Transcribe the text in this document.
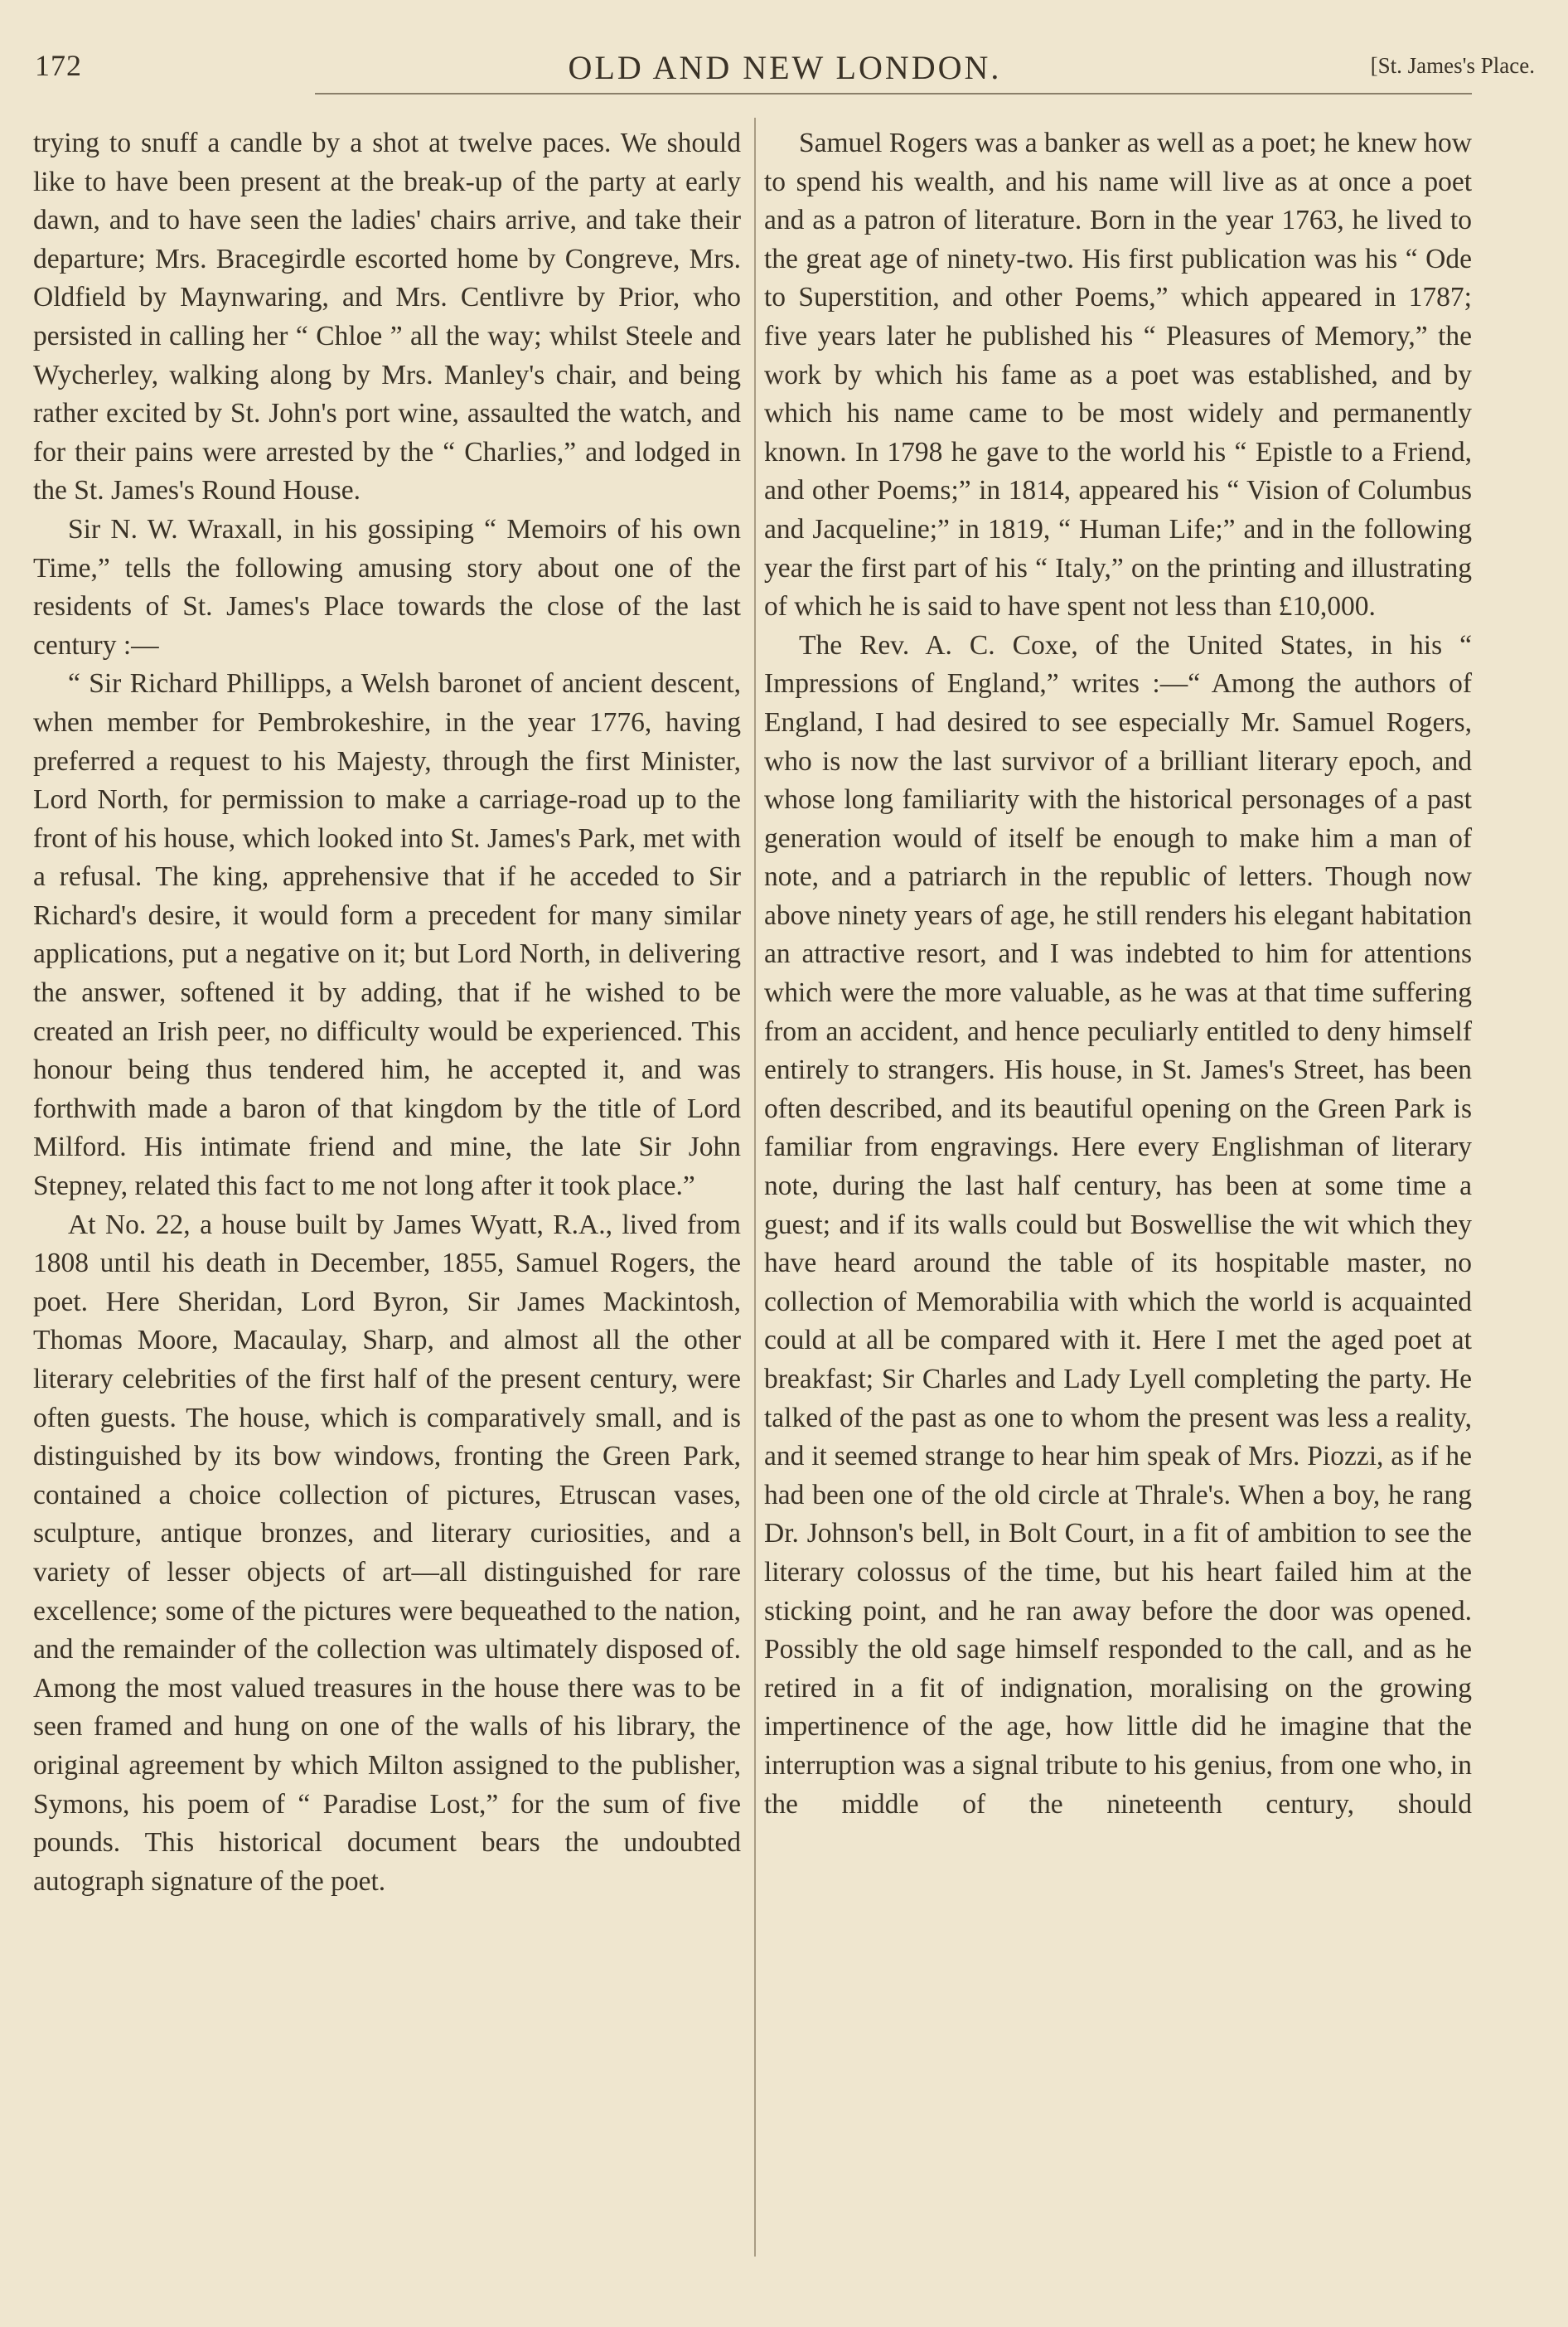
172	OLD AND NEW LONDON.	[St. James's Place.

trying to snuff a candle by a shot at twelve paces. We should like to have been present at the break-up of the party at early dawn, and to have seen the ladies' chairs arrive, and take their departure; Mrs. Bracegirdle escorted home by Congreve, Mrs. Oldfield by Maynwaring, and Mrs. Centlivre by Prior, who persisted in calling her “ Chloe ” all the way; whilst Steele and Wycherley, walking along by Mrs. Manley's chair, and being rather excited by St. John's port wine, assaulted the watch, and for their pains were arrested by the “ Charlies,” and lodged in the St. James's Round House.

Sir N. W. Wraxall, in his gossiping “ Memoirs of his own Time,” tells the following amusing story about one of the residents of St. James's Place towards the close of the last century :—

“ Sir Richard Phillipps, a Welsh baronet of ancient descent, when member for Pembrokeshire, in the year 1776, having preferred a request to his Majesty, through the first Minister, Lord North, for permission to make a carriage-road up to the front of his house, which looked into St. James's Park, met with a refusal. The king, apprehensive that if he acceded to Sir Richard's desire, it would form a precedent for many similar applications, put a negative on it; but Lord North, in delivering the answer, softened it by adding, that if he wished to be created an Irish peer, no difficulty would be experienced. This honour being thus tendered him, he accepted it, and was forthwith made a baron of that kingdom by the title of Lord Milford. His intimate friend and mine, the late Sir John Stepney, related this fact to me not long after it took place.”

At No. 22, a house built by James Wyatt, R.A., lived from 1808 until his death in December, 1855, Samuel Rogers, the poet. Here Sheridan, Lord Byron, Sir James Mackintosh, Thomas Moore, Macaulay, Sharp, and almost all the other literary celebrities of the first half of the present century, were often guests. The house, which is comparatively small, and is distinguished by its bow windows, fronting the Green Park, contained a choice collection of pictures, Etruscan vases, sculpture, antique bronzes, and literary curiosities, and a variety of lesser objects of art—all distinguished for rare excellence; some of the pictures were bequeathed to the nation, and the remainder of the collection was ultimately disposed of. Among the most valued treasures in the house there was to be seen framed and hung on one of the walls of his library, the original agreement by which Milton assigned to the publisher, Symons, his poem of “ Paradise Lost,” for the sum of five pounds. This historical document bears the undoubted autograph signature of the poet.

Samuel Rogers was a banker as well as a poet; he knew how to spend his wealth, and his name will live as at once a poet and as a patron of literature. Born in the year 1763, he lived to the great age of ninety-two. His first publication was his “ Ode to Superstition, and other Poems,” which appeared in 1787; five years later he published his “ Pleasures of Memory,” the work by which his fame as a poet was established, and by which his name came to be most widely and permanently known. In 1798 he gave to the world his “ Epistle to a Friend, and other Poems;” in 1814, appeared his “ Vision of Columbus and Jacqueline;” in 1819, “ Human Life;” and in the following year the first part of his “ Italy,” on the printing and illustrating of which he is said to have spent not less than £10,000.

The Rev. A. C. Coxe, of the United States, in his “ Impressions of England,” writes :—“ Among the authors of England, I had desired to see especially Mr. Samuel Rogers, who is now the last survivor of a brilliant literary epoch, and whose long familiarity with the historical personages of a past generation would of itself be enough to make him a man of note, and a patriarch in the republic of letters. Though now above ninety years of age, he still renders his elegant habitation an attractive resort, and I was indebted to him for attentions which were the more valuable, as he was at that time suffering from an accident, and hence peculiarly entitled to deny himself entirely to strangers. His house, in St. James's Street, has been often described, and its beautiful opening on the Green Park is familiar from engravings. Here every Englishman of literary note, during the last half century, has been at some time a guest; and if its walls could but Boswellise the wit which they have heard around the table of its hospitable master, no collection of Memorabilia with which the world is acquainted could at all be compared with it. Here I met the aged poet at breakfast; Sir Charles and Lady Lyell completing the party. He talked of the past as one to whom the present was less a reality, and it seemed strange to hear him speak of Mrs. Piozzi, as if he had been one of the old circle at Thrale's. When a boy, he rang Dr. Johnson's bell, in Bolt Court, in a fit of ambition to see the literary colossus of the time, but his heart failed him at the sticking point, and he ran away before the door was opened. Possibly the old sage himself responded to the call, and as he retired in a fit of indignation, moralising on the growing impertinence of the age, how little did he imagine that the interruption was a signal tribute to his genius, from one who, in the middle of the nineteenth century, should
